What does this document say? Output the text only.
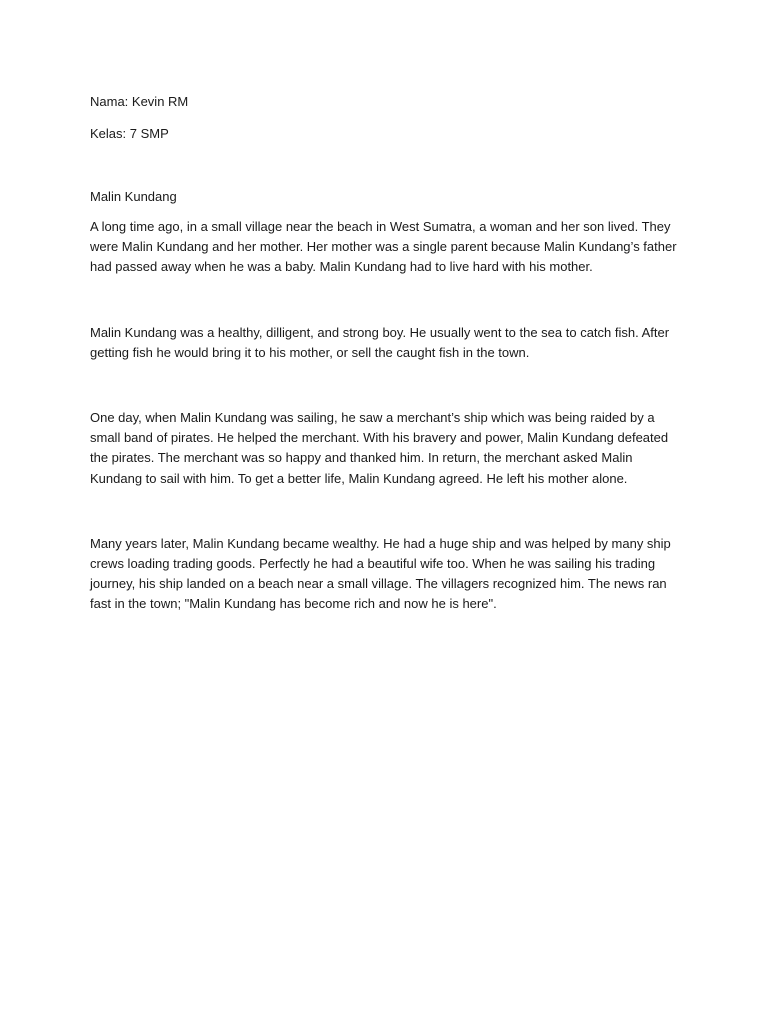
Nama: Kevin RM

Kelas: 7 SMP

Malin Kundang

A long time ago, in a small village near the beach in West Sumatra, a woman and her son lived. They were Malin Kundang and her mother. Her mother was a single parent because Malin Kundang’s father had passed away when he was a baby. Malin Kundang had to live hard with his mother.

Malin Kundang was a healthy, dilligent, and strong boy. He usually went to the sea to catch fish. After getting fish he would bring it to his mother, or sell the caught fish in the town.

One day, when Malin Kundang was sailing, he saw a merchant’s ship which was being raided by a small band of pirates. He helped the merchant. With his bravery and power, Malin Kundang defeated the pirates. The merchant was so happy and thanked him. In return, the merchant asked Malin Kundang to sail with him. To get a better life, Malin Kundang agreed. He left his mother alone.

Many years later, Malin Kundang became wealthy. He had a huge ship and was helped by many ship crews loading trading goods. Perfectly he had a beautiful wife too. When he was sailing his trading journey, his ship landed on a beach near a small village. The villagers recognized him. The news ran fast in the town; "Malin Kundang has become rich and now he is here".
